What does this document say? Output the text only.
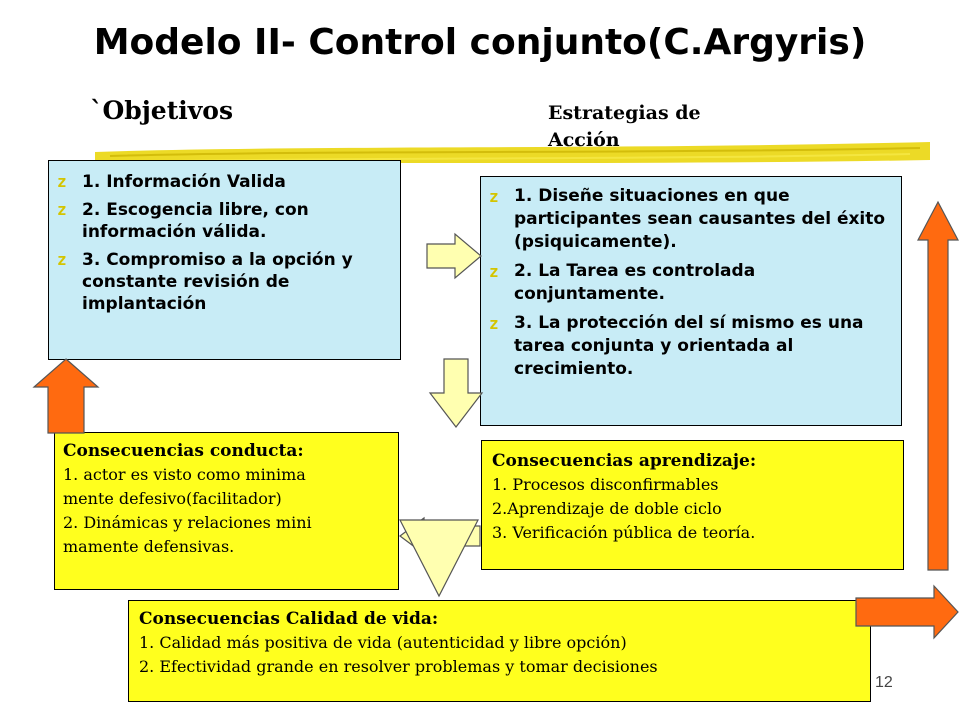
Modelo II- Control conjunto(C.Argyris)
`Objetivos	Estrategias de
Acción
z 1. Información Valida
z 2. Escogencia libre, con información válida.
z 3. Compromiso a la opción y constante revisión de implantación
z 1. Diseñe situaciones en que participantes sean causantes del éxito (psiquicamente).
z 2. La Tarea es controlada conjuntamente.
z 3. La protección del sí mismo es una tarea conjunta y orientada al crecimiento.
Consecuencias conducta:
1. actor es visto como minima
mente defesivo(facilitador)
2. Dinámicas y relaciones mini
mamente defensivas.
Consecuencias aprendizaje:
1. Procesos disconfirmables
2.Aprendizaje de doble ciclo
3. Verificación pública de teoría.
Consecuencias Calidad de vida:
1. Calidad más positiva de vida (autenticidad y libre opción)
2. Efectividad grande en resolver problemas y tomar decisiones
12
